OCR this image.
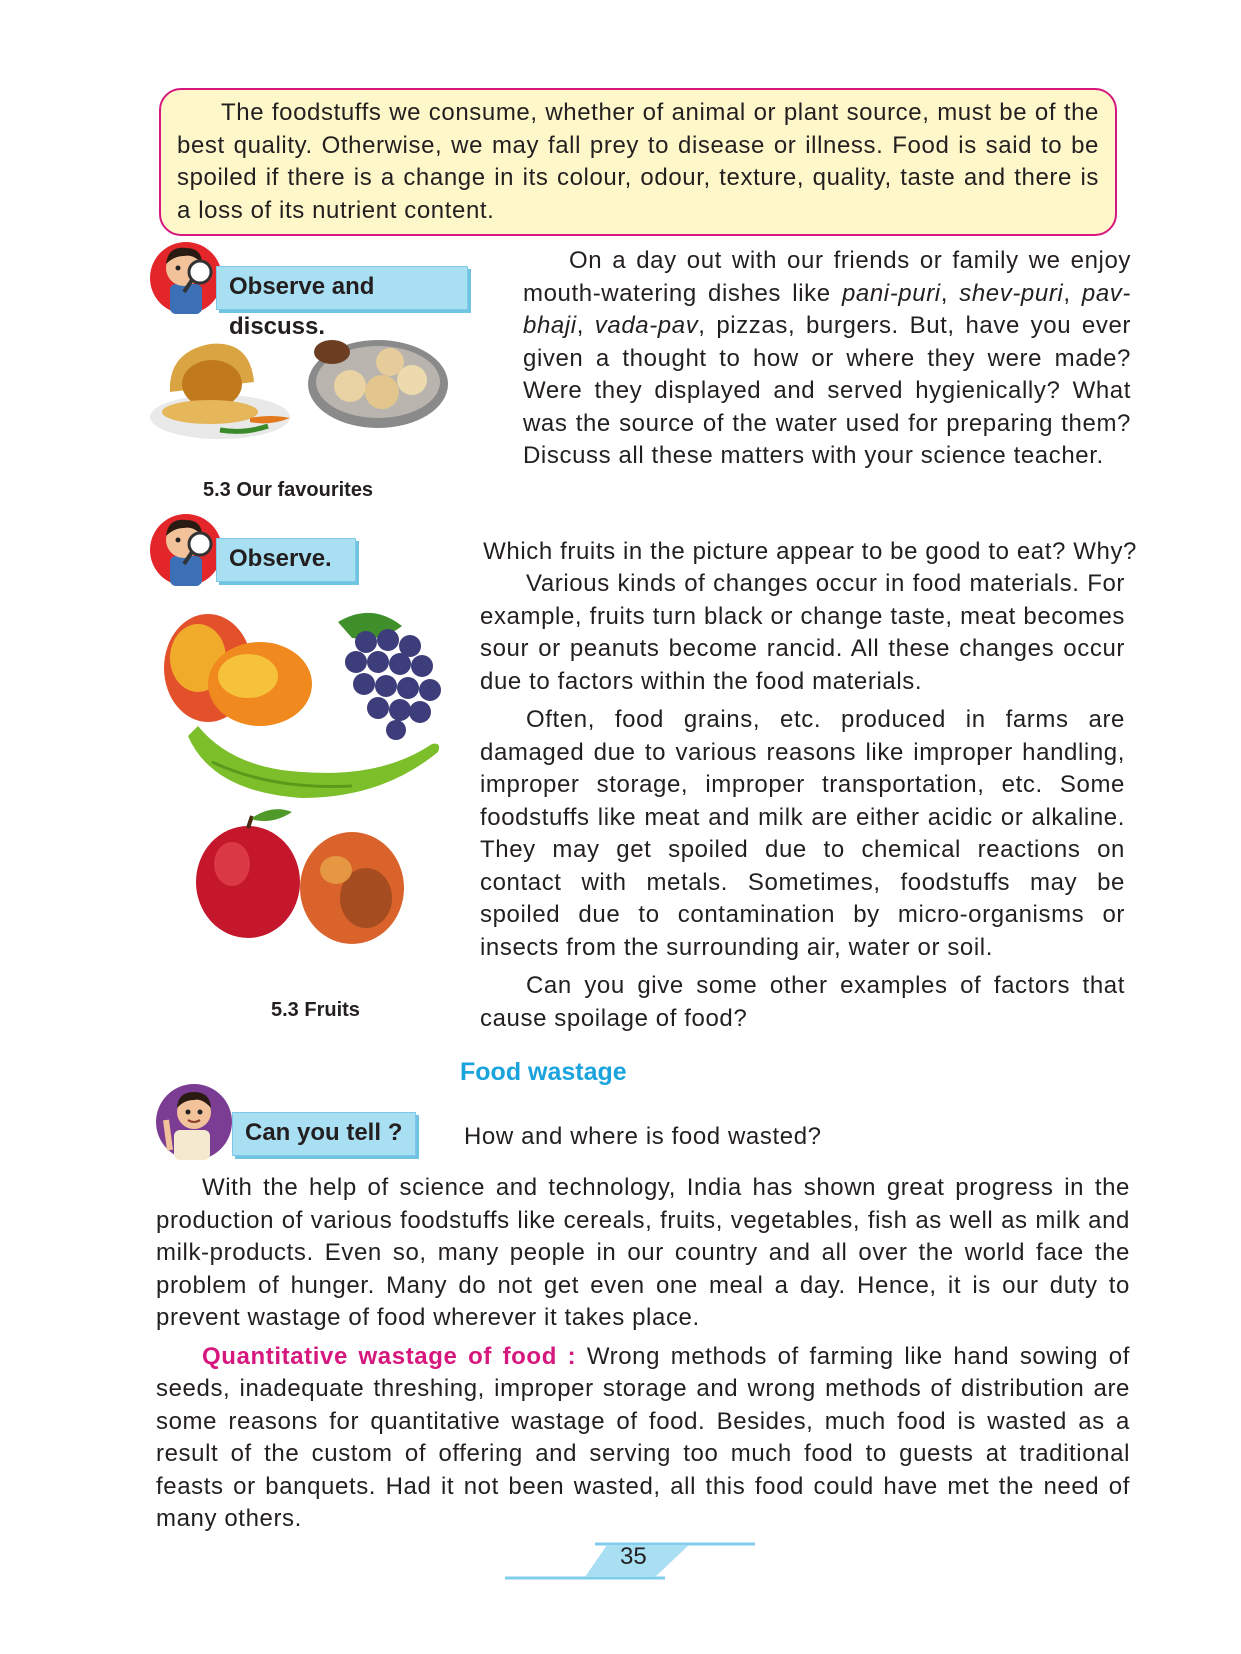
The foodstuffs we consume, whether of animal or plant source, must be of the best quality. Otherwise, we may fall prey to disease or illness. Food is said to be spoiled if there is a change in its colour, odour, texture, quality, taste and there is a loss of its nutrient content.
Observe and discuss.
5.3 Our favourites
On a day out with our friends or family we enjoy mouth-watering dishes like pani-puri, shev-puri, pav-bhaji, vada-pav, pizzas, burgers. But, have you ever given a thought to how or where they were made? Were they displayed and served hygienically? What was the source of the water used for preparing them? Discuss all these matters with your science teacher.
Observe.	Which fruits in the picture appear to be good to eat? Why?
5.3 Fruits

Various kinds of changes occur in food materials. For example, fruits turn black or change taste, meat becomes sour or peanuts become rancid. All these changes occur due to factors within the food materials.

Often, food grains, etc. produced in farms are damaged due to various reasons like improper handling, improper storage, improper transportation, etc. Some foodstuffs like meat and milk are either acidic or alkaline. They may get spoiled due to chemical reactions on contact with metals. Sometimes, foodstuffs may be spoiled due to contamination by micro-organisms or insects from the surrounding air, water or soil.

Can you give some other examples of factors that cause spoilage of food?

Food wastage
Can you tell ?	How and where is food wasted?

With the help of science and technology, India has shown great progress in the production of various foodstuffs like cereals, fruits, vegetables, fish as well as milk and milk-products. Even so, many people in our country and all over the world face the problem of hunger. Many do not get even one meal a day. Hence, it is our duty to prevent wastage of food wherever it takes place.

Quantitative wastage of food : Wrong methods of farming like hand sowing of seeds, inadequate threshing, improper storage and wrong methods of distribution are some reasons for quantitative wastage of food. Besides, much food is wasted as a result of the custom of offering and serving too much food to guests at traditional feasts or banquets. Had it not been wasted, all this food could have met the need of many others.

35
